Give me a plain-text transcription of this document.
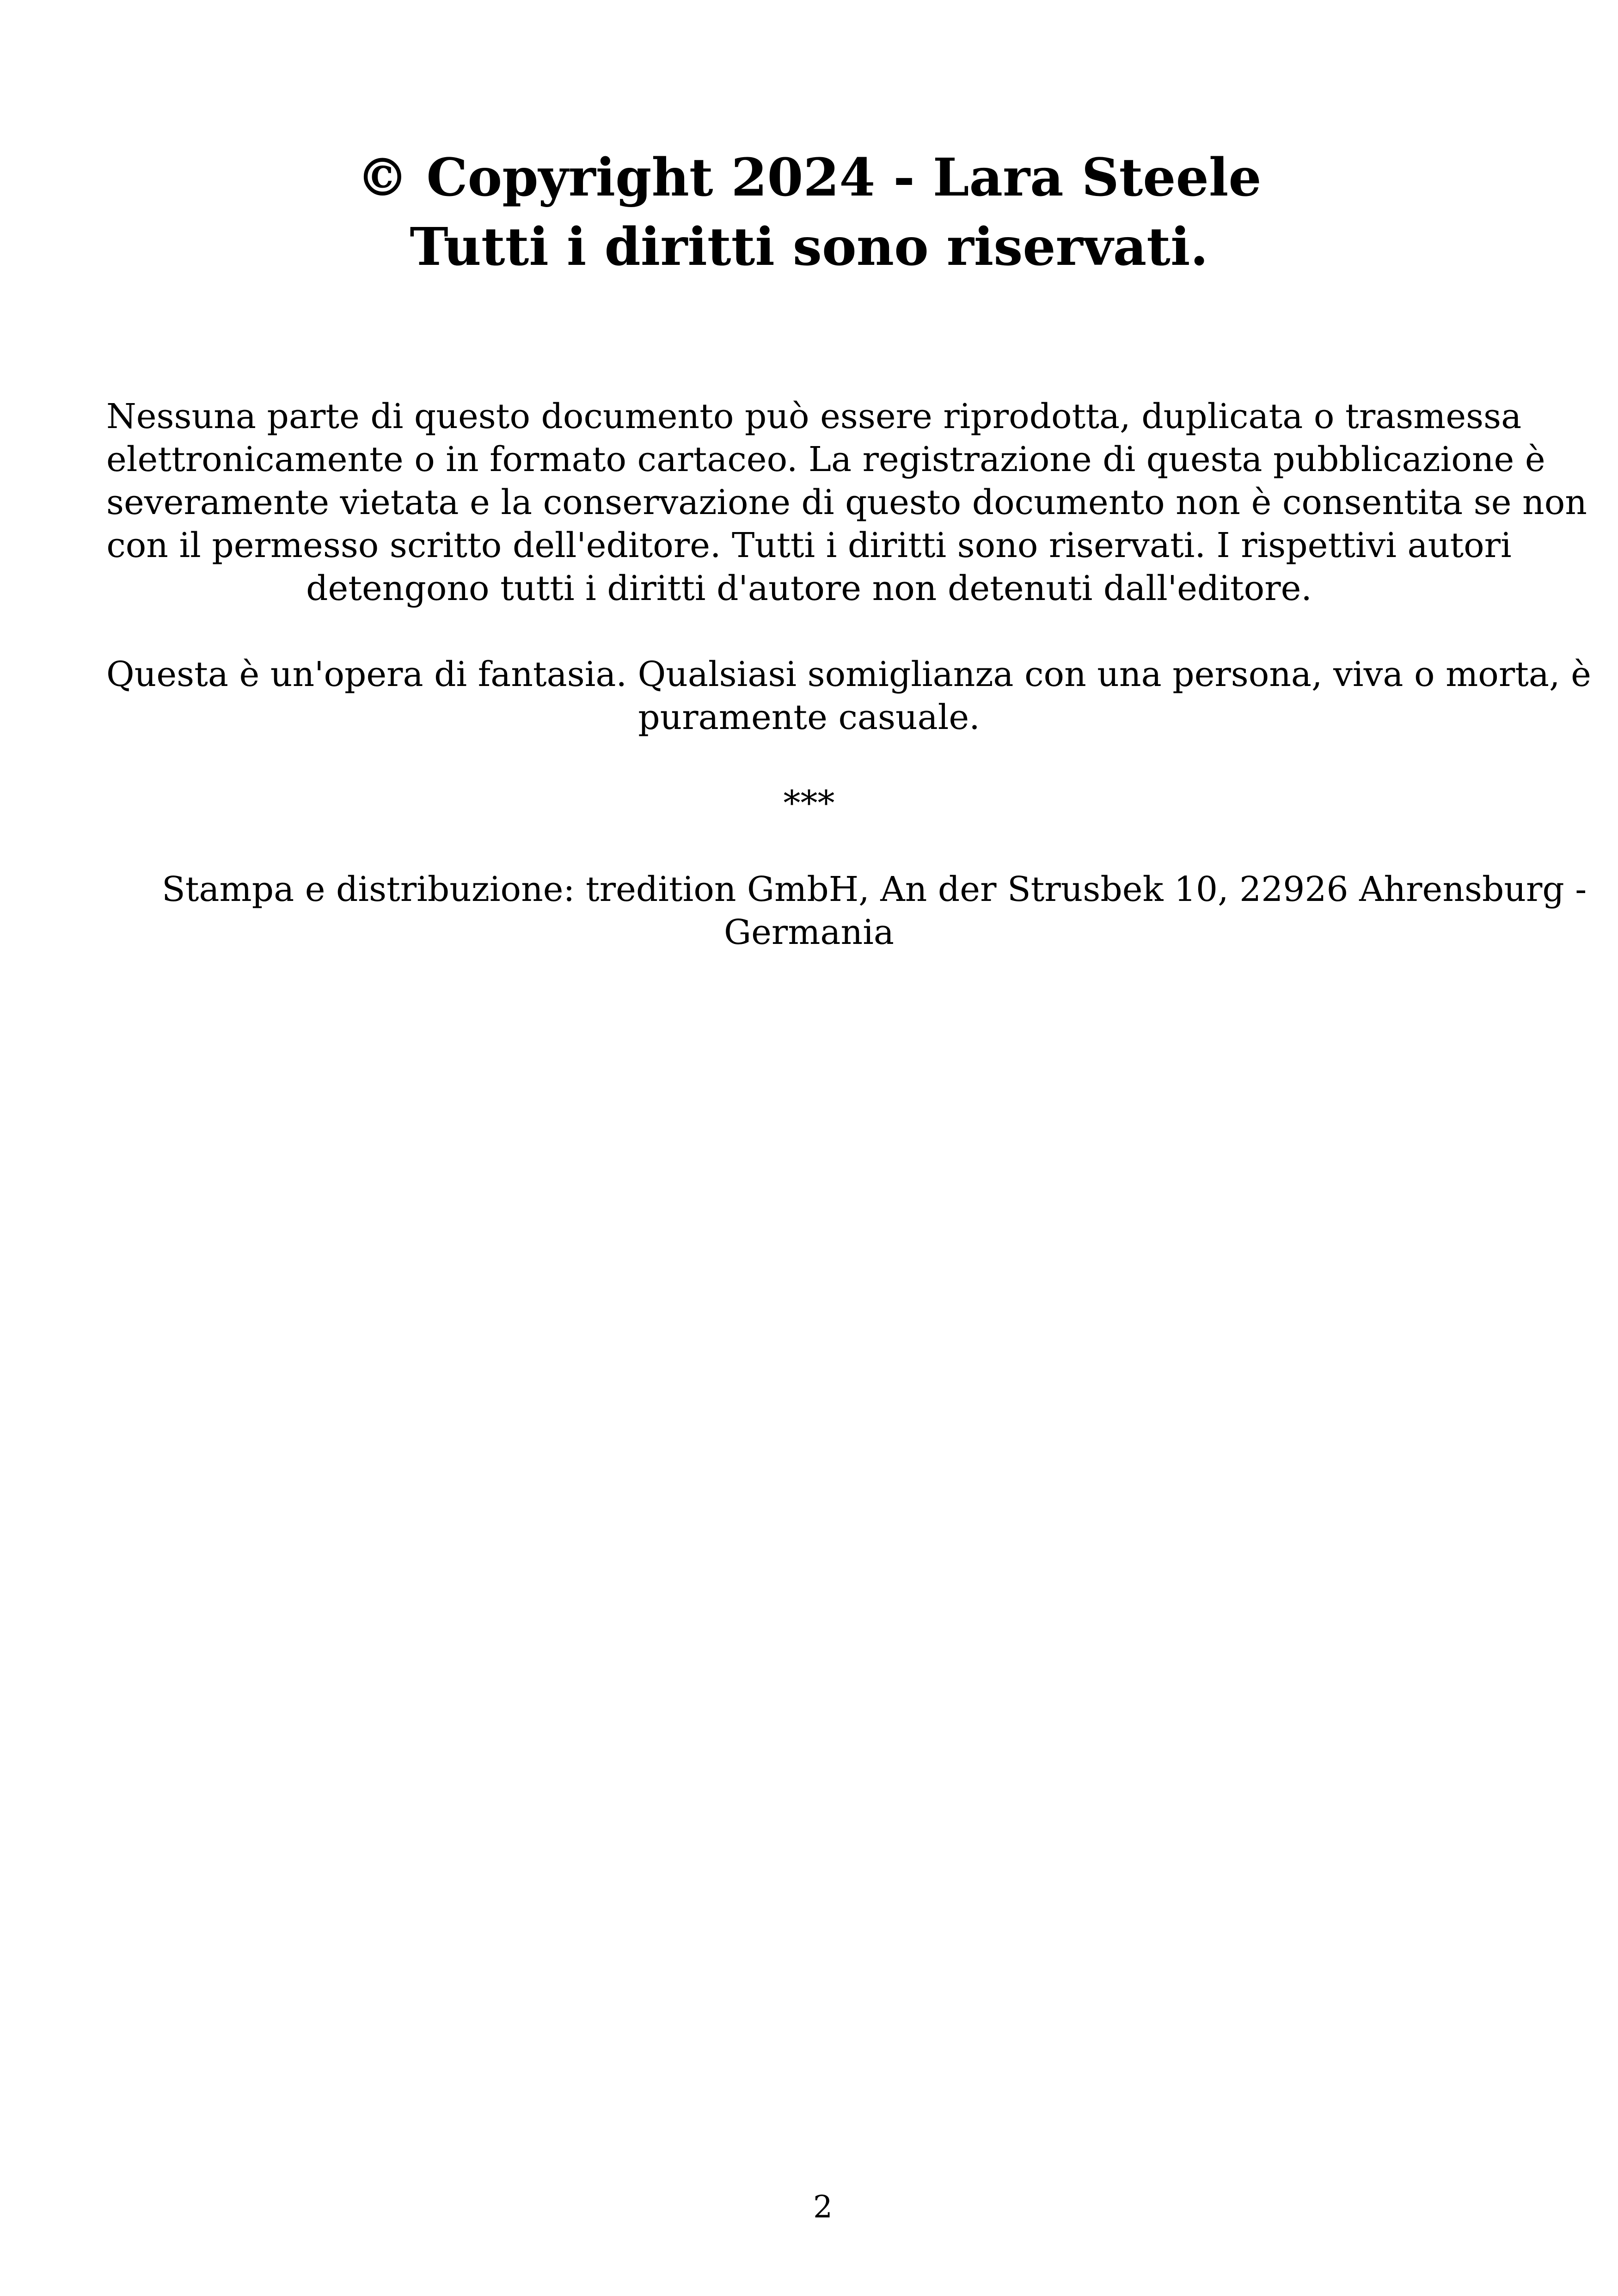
© Copyright 2024 - Lara Steele
Tutti i diritti sono riservati.

Nessuna parte di questo documento può essere riprodotta, duplicata o trasmessa
elettronicamente o in formato cartaceo. La registrazione di questa pubblicazione è
severamente vietata e la conservazione di questo documento non è consentita se non
con il permesso scritto dell'editore. Tutti i diritti sono riservati. I rispettivi autori
detengono tutti i diritti d'autore non detenuti dall'editore.

Questa è un'opera di fantasia. Qualsiasi somiglianza con una persona, viva o morta, è
puramente casuale.

***

Stampa e distribuzione: tredition GmbH, An der Strusbek 10, 22926 Ahrensburg -
Germania

2
